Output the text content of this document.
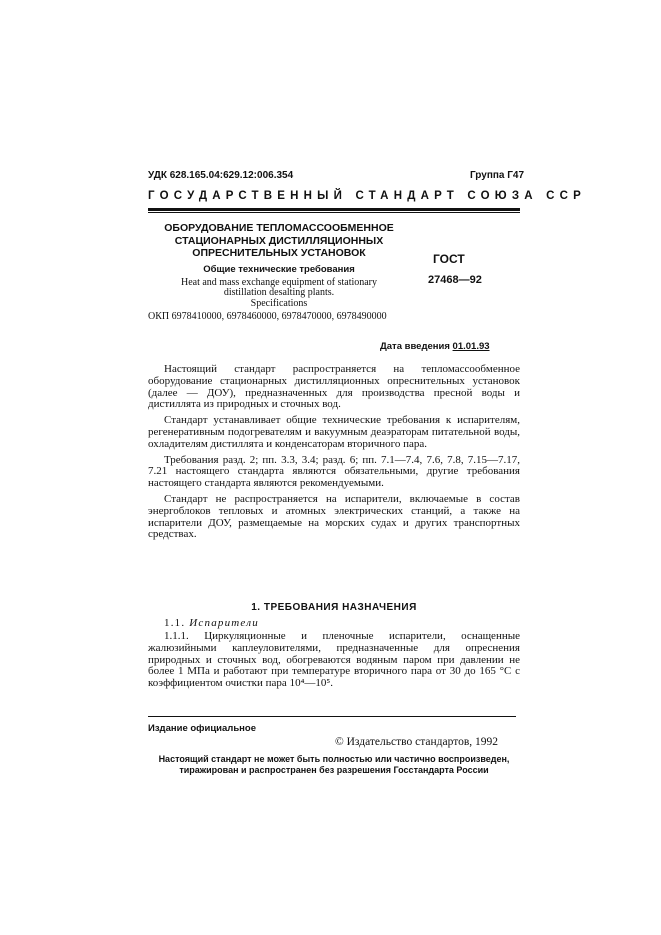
УДК 628.165.04:629.12:006.354	Группа Г47
ГОСУДАРСТВЕННЫЙ СТАНДАРТ СОЮЗА ССР
ОБОРУДОВАНИЕ ТЕПЛОМАССООБМЕННОЕ
СТАЦИОНАРНЫХ ДИСТИЛЛЯЦИОННЫХ
ОПРЕСНИТЕЛЬНЫХ УСТАНОВОК
Общие технические требования
Heat and mass exchange equipment of stationary
distillation desalting plants.
Specifications
ГОСТ
27468—92
ОКП 6978410000, 6978460000, 6978470000, 6978490000
Дата введения 01.01.93

Настоящий стандарт распространяется на тепломассообменное оборудование стационарных дистилляционных опреснительных установок (далее — ДОУ), предназначенных для производства пресной воды и дистиллята из природных и сточных вод.

Стандарт устанавливает общие технические требования к испарителям, регенеративным подогревателям и вакуумным деаэраторам питательной воды, охладителям дистиллята и конденсаторам вторичного пара.

Требования разд. 2; пп. 3.3, 3.4; разд. 6; пп. 7.1—7.4, 7.6, 7.8, 7.15—7.17, 7.21 настоящего стандарта являются обязательными, другие требования настоящего стандарта являются рекомендуемыми.

Стандарт не распространяется на испарители, включаемые в состав энергоблоков тепловых и атомных электрических станций, а также на испарители ДОУ, размещаемые на морских судах и других транспортных средствах.

1. ТРЕБОВАНИЯ НАЗНАЧЕНИЯ
1.1. Испарители

1.1.1. Циркуляционные и пленочные испарители, оснащенные жалюзийными каплеуловителями, предназначенные для опреснения природных и сточных вод, обогреваются водяным паром при давлении не более 1 МПа и работают при температуре вторичного пара от 30 до 165 °С с коэффициентом очистки пара 10⁴—10⁵.

Издание официальное
© Издательство стандартов, 1992
Настоящий стандарт не может быть полностью или частично воспроизведен,
тиражирован и распространен без разрешения Госстандарта России
